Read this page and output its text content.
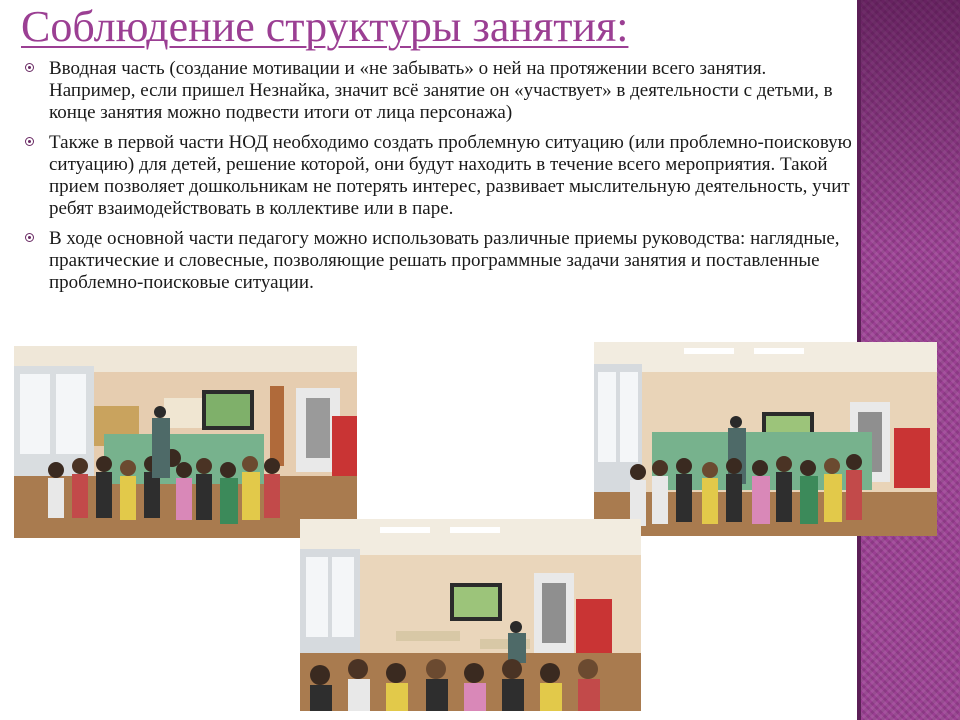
Соблюдение структуры занятия:
Вводная часть (создание мотивации и «не забывать» о ней на протяжении всего занятия. Например, если пришел Незнайка, значит всё занятие он «участвует» в деятельности с детьми, в конце занятия можно подвести итоги от лица персонажа)
Также в первой части НОД необходимо создать проблемную ситуацию (или проблемно-поисковую ситуацию) для детей, решение которой, они будут находить в течение всего мероприятия. Такой прием позволяет дошкольникам не потерять интерес, развивает мыслительную деятельность, учит ребят взаимодействовать в коллективе или в паре.
В ходе основной части педагогу можно использовать различные приемы руководства: наглядные, практические и словесные, позволяющие решать программные задачи занятия и поставленные проблемно-поисковые ситуации.
